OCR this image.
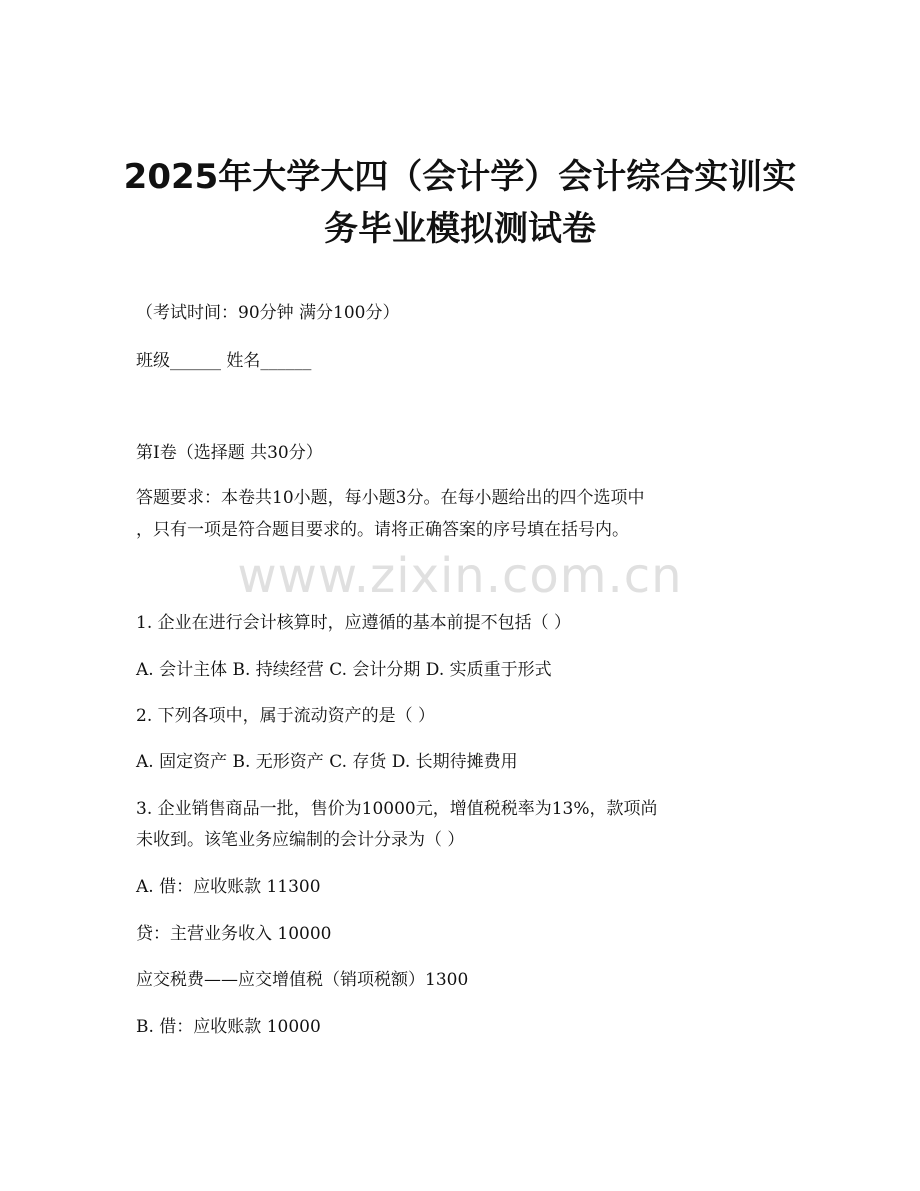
2025年大学大四（会计学）会计综合实训实
务毕业模拟测试卷
（考试时间：90分钟 满分100分）
班级______ 姓名______
第I卷（选择题 共30分）
答题要求：本卷共10小题，每小题3分。在每小题给出的四个选项中
，只有一项是符合题目要求的。请将正确答案的序号填在括号内。
www.zixin.com.cn
1. 企业在进行会计核算时，应遵循的基本前提不包括（ ）
A. 会计主体 B. 持续经营 C. 会计分期 D. 实质重于形式
2. 下列各项中，属于流动资产的是（ ）
A. 固定资产 B. 无形资产 C. 存货 D. 长期待摊费用
3. 企业销售商品一批，售价为10000元，增值税税率为13%，款项尚
未收到。该笔业务应编制的会计分录为（ ）
A. 借：应收账款 11300
贷：主营业务收入 10000
应交税费——应交增值税（销项税额）1300
B. 借：应收账款 10000
